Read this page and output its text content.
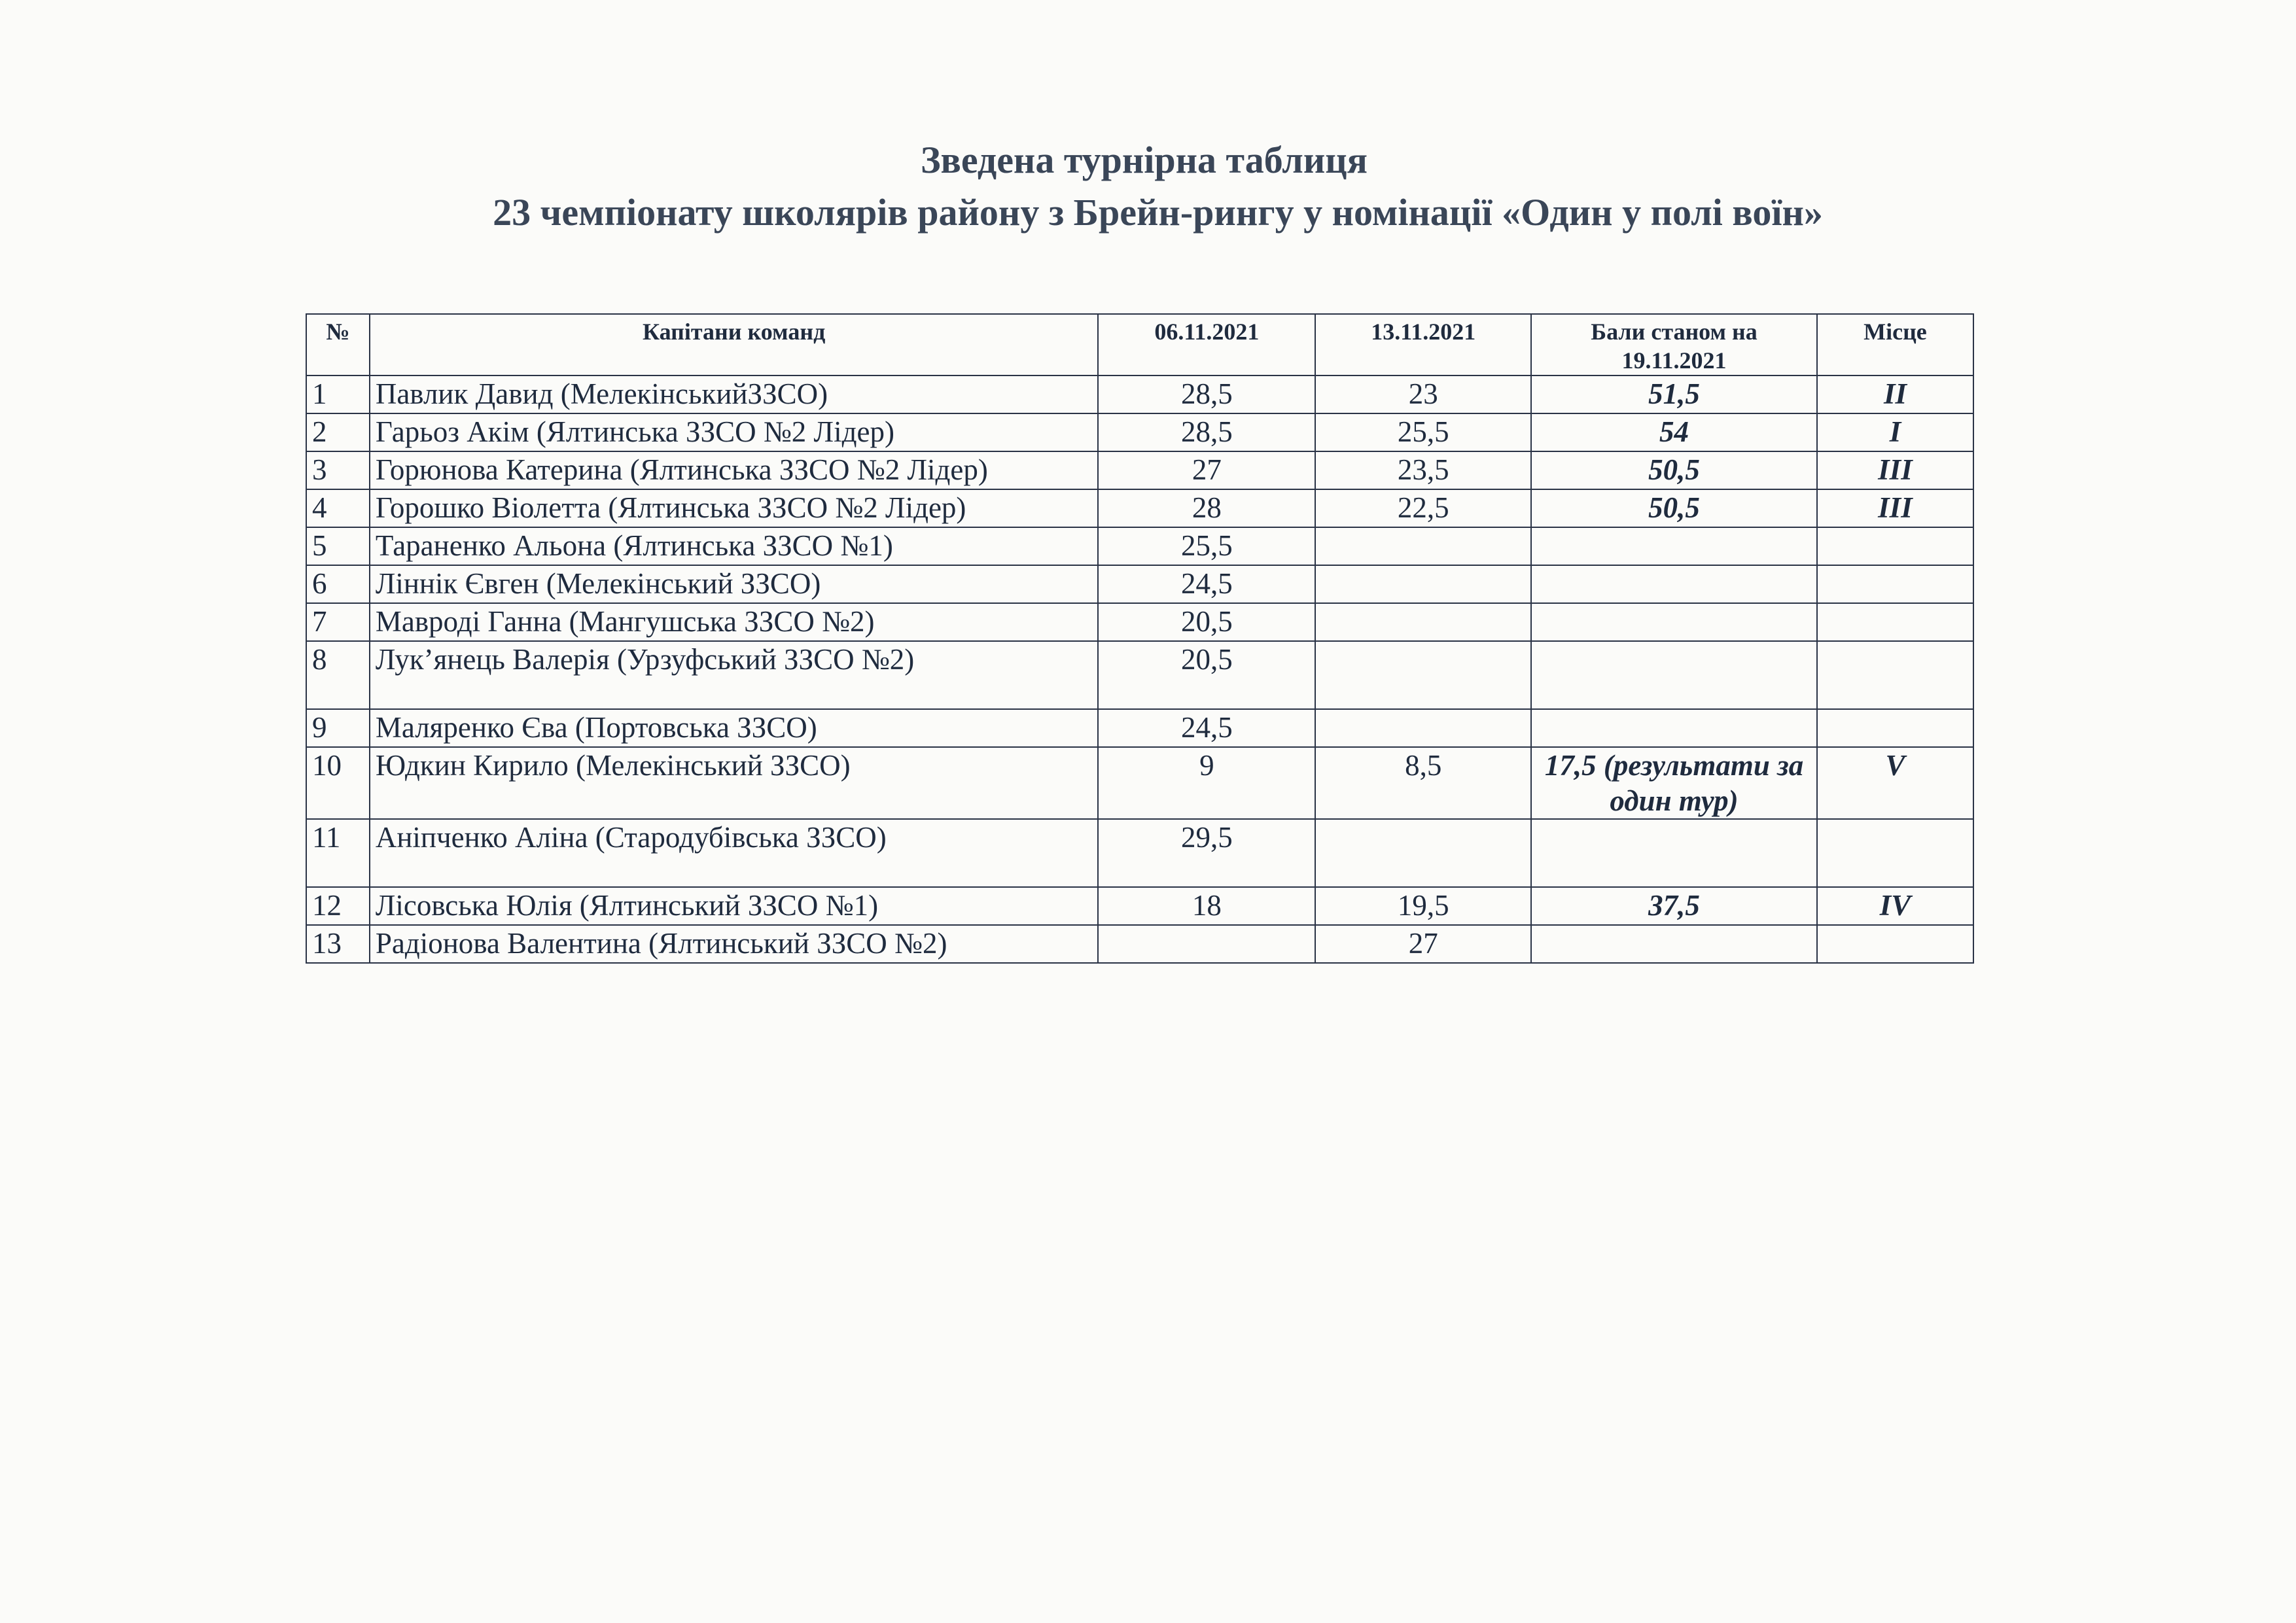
Зведена турнірна таблиця
23 чемпіонату школярів району з Брейн-рингу у номінації «Один у полі воїн»
№	Капітани команд	06.11.2021	13.11.2021	Бали станом на 19.11.2021	Місце
1	Павлик Давид (МелекінськийЗЗСО)	28,5	23	51,5	II
2	Гарьоз Акім (Ялтинська ЗЗСО №2 Лідер)	28,5	25,5	54	I
3	Горюнова Катерина (Ялтинська ЗЗСО №2 Лідер)	27	23,5	50,5	III
4	Горошко Віолетта (Ялтинська ЗЗСО №2 Лідер)	28	22,5	50,5	III
5	Тараненко Альона (Ялтинська ЗЗСО №1)	25,5			
6	Ліннік Євген (Мелекінський ЗЗСО)	24,5			
7	Мавроді Ганна (Мангушська ЗЗСО №2)	20,5			
8	Лук’янець Валерія (Урзуфський ЗЗСО №2)	20,5			
9	Маляренко Єва (Портовська ЗЗСО)	24,5			
10	Юдкин Кирило (Мелекінський ЗЗСО)	9	8,5	17,5 (результати за один тур)	V
11	Аніпченко Аліна (Стародубівська ЗЗСО)	29,5			
12	Лісовська Юлія (Ялтинський ЗЗСО №1)	18	19,5	37,5	IV
13	Радіонова Валентина (Ялтинський ЗЗСО №2)		27		
